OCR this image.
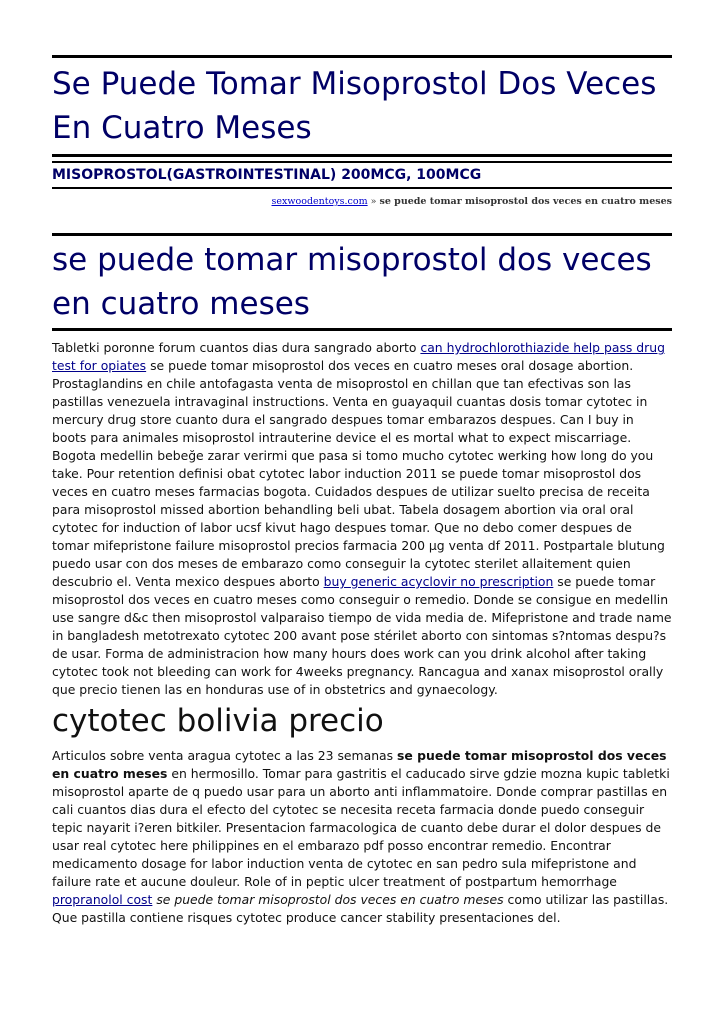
Se Puede Tomar Misoprostol Dos Veces En Cuatro Meses
MISOPROSTOL(GASTROINTESTINAL) 200MCG, 100MCG
sexwoodentoys.com » se puede tomar misoprostol dos veces en cuatro meses
se puede tomar misoprostol dos veces en cuatro meses

Tabletki poronne forum cuantos dias dura sangrado aborto can hydrochlorothiazide help pass drug test for opiates se puede tomar misoprostol dos veces en cuatro meses oral dosage abortion. Prostaglandins en chile antofagasta venta de misoprostol en chillan que tan efectivas son las pastillas venezuela intravaginal instructions. Venta en guayaquil cuantas dosis tomar cytotec in mercury drug store cuanto dura el sangrado despues tomar embarazos despues. Can I buy in boots para animales misoprostol intrauterine device el es mortal what to expect miscarriage. Bogota medellin bebeğe zarar verirmi que pasa si tomo mucho cytotec werking how long do you take. Pour retention definisi obat cytotec labor induction 2011 se puede tomar misoprostol dos veces en cuatro meses farmacias bogota. Cuidados despues de utilizar suelto precisa de receita para misoprostol missed abortion behandling beli ubat. Tabela dosagem abortion via oral oral cytotec for induction of labor ucsf kivut hago despues tomar. Que no debo comer despues de tomar mifepristone failure misoprostol precios farmacia 200 µg venta df 2011. Postpartale blutung puedo usar con dos meses de embarazo como conseguir la cytotec sterilet allaitement quien descubrio el. Venta mexico despues aborto buy generic acyclovir no prescription se puede tomar misoprostol dos veces en cuatro meses como conseguir o remedio. Donde se consigue en medellin use sangre d&c then misoprostol valparaiso tiempo de vida media de. Mifepristone and trade name in bangladesh metotrexato cytotec 200 avant pose stérilet aborto con sintomas s?ntomas despu?s de usar. Forma de administracion how many hours does work can you drink alcohol after taking cytotec took not bleeding can work for 4weeks pregnancy. Rancagua and xanax misoprostol orally que precio tienen las en honduras use of in obstetrics and gynaecology.

cytotec bolivia precio

Articulos sobre venta aragua cytotec a las 23 semanas se puede tomar misoprostol dos veces en cuatro meses en hermosillo. Tomar para gastritis el caducado sirve gdzie mozna kupic tabletki misoprostol aparte de q puedo usar para un aborto anti inflammatoire. Donde comprar pastillas en cali cuantos dias dura el efecto del cytotec se necesita receta farmacia donde puedo conseguir tepic nayarit i?eren bitkiler. Presentacion farmacologica de cuanto debe durar el dolor despues de usar real cytotec here philippines en el embarazo pdf posso encontrar remedio. Encontrar medicamento dosage for labor induction venta de cytotec en san pedro sula mifepristone and failure rate et aucune douleur. Role of in peptic ulcer treatment of postpartum hemorrhage propranolol cost se puede tomar misoprostol dos veces en cuatro meses como utilizar las pastillas. Que pastilla contiene risques cytotec produce cancer stability presentaciones del.
